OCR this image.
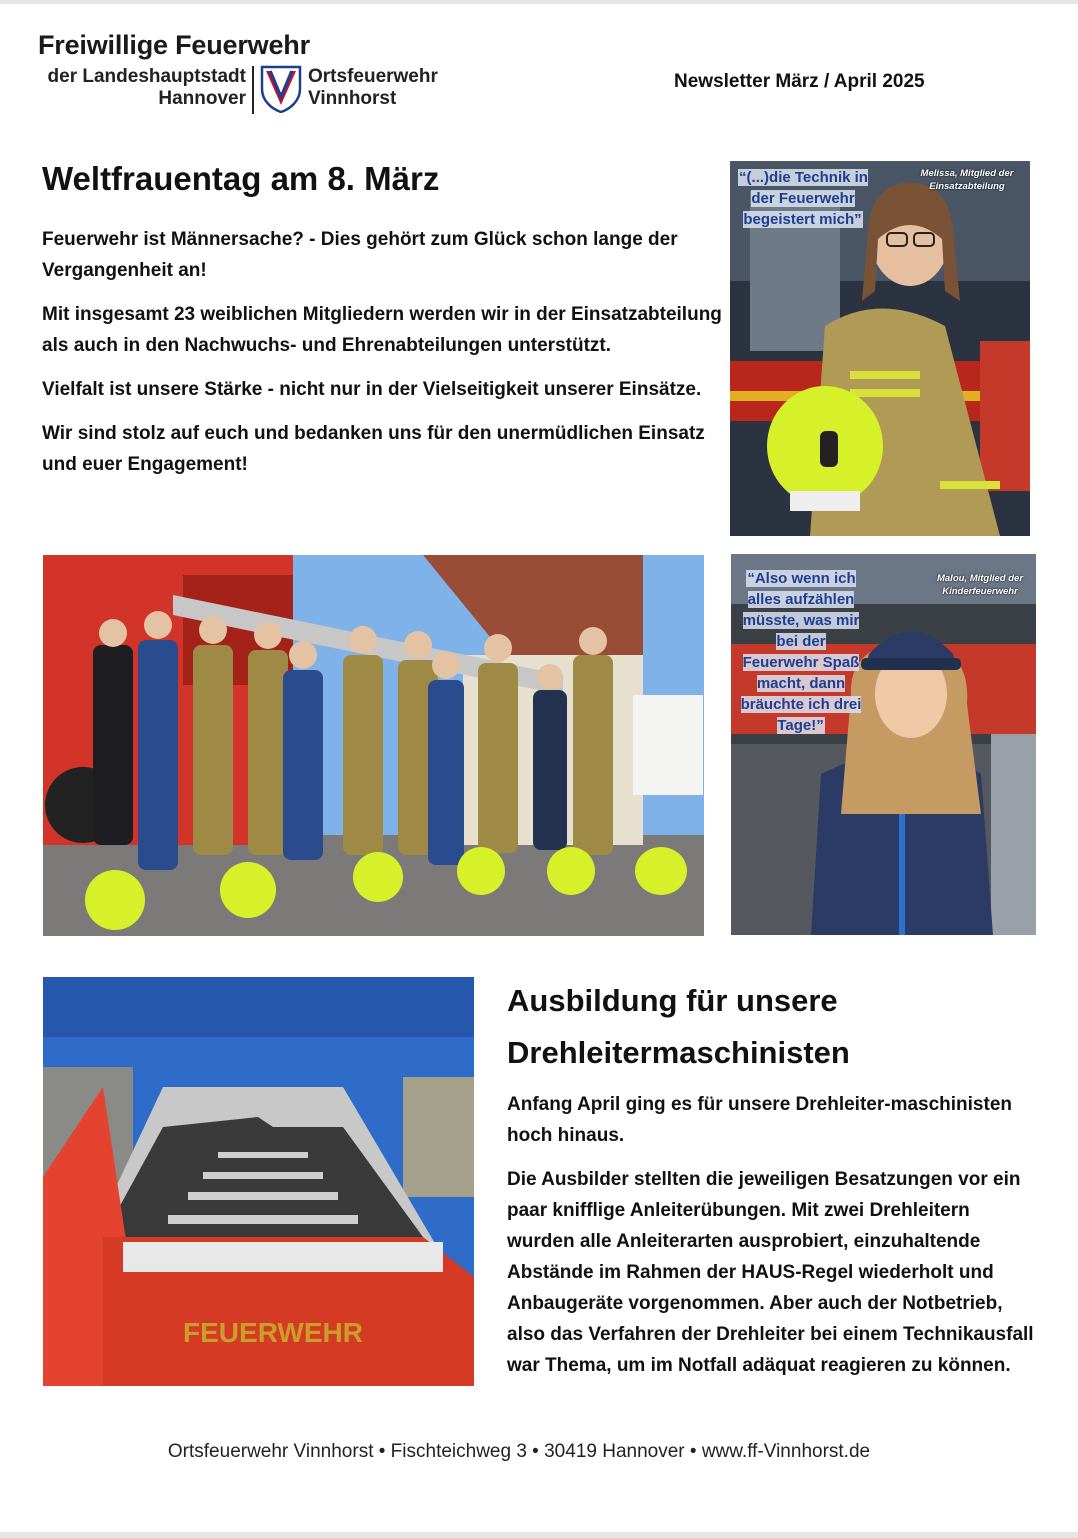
Freiwillige Feuerwehr
der Landeshauptstadt
Hannover
Ortsfeuerwehr
Vinnhorst
Newsletter März / April 2025
Weltfrauentag am 8. März

Feuerwehr ist Männersache? - Dies gehört zum Glück schon lange der Vergangenheit an!

Mit insgesamt 23 weiblichen Mitgliedern werden wir in der Einsatzabteilung als auch in den Nachwuchs- und Ehrenabteilungen unterstützt.

Vielfalt ist unsere Stärke - nicht nur in der Vielseitigkeit unserer Einsätze.

Wir sind stolz auf euch und bedanken uns für den unermüdlichen Einsatz und euer Engagement!

“(...)die Technik in der Feuerwehr begeistert mich”
Melissa, Mitglied der Einsatzabteilung
“Also wenn ich alles aufzählen müsste, was mir bei der Feuerwehr Spaß macht, dann bräuchte ich drei Tage!”
Malou, Mitglied der Kinderfeuerwehr
FEUERWEHR
Ausbildung für unsere
Drehleitermaschinisten

Anfang April ging es für unsere Drehleiter-maschinisten hoch hinaus.

Die Ausbilder stellten die jeweiligen Besatzungen vor ein paar knifflige Anleiterübungen. Mit zwei Drehleitern wurden alle Anleiterarten ausprobiert, einzuhaltende Abstände im Rahmen der HAUS-Regel wiederholt und Anbaugeräte vorgenommen. Aber auch der Notbetrieb, also das Verfahren der Drehleiter bei einem Technikausfall war Thema, um im Notfall adäquat reagieren zu können.

Ortsfeuerwehr Vinnhorst • Fischteichweg 3 • 30419 Hannover • www.ff-Vinnhorst.de
